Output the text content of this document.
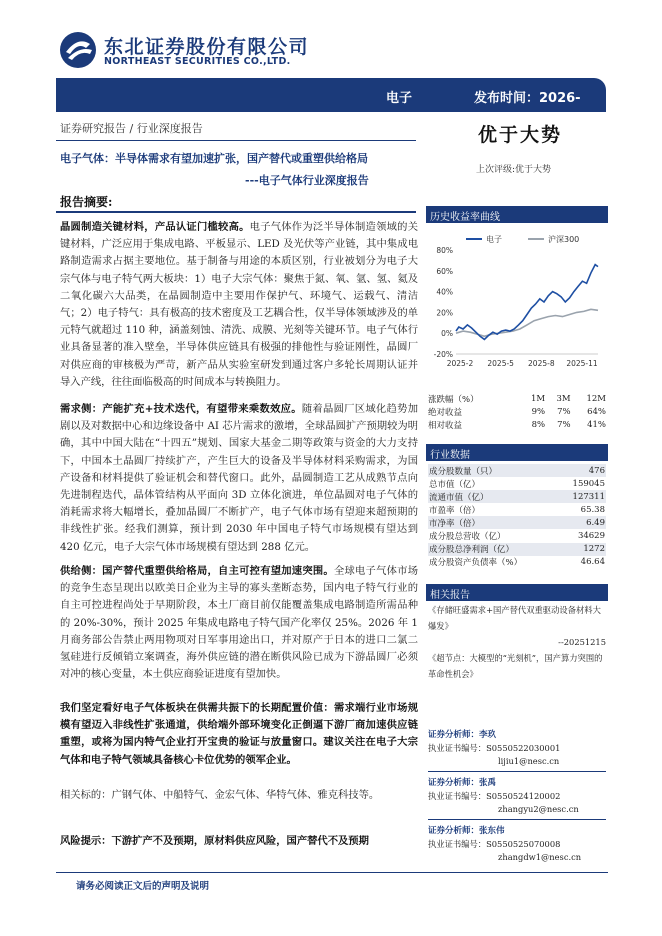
东北证券股份有限公司
NORTHEAST SECURITIES CO.,LTD.
电子	发布时间：2026-
证券研究报告 / 行业深度报告	优于大势
电子气体：半导体需求有望加速扩张，国产替代或重塑供给格局
---电子气体行业深度报告
上次评级:优于大势
报告摘要:
晶圆制造关键材料，产品认证门槛较高。电子气体作为泛半导体制造领域的关键材料，广泛应用于集成电路、平板显示、LED 及光伏等产业链，其中集成电路制造需求占据主要地位。基于制备与用途的本质区别，行业被划分为电子大宗气体与电子特气两大板块：1）电子大宗气体：聚焦于氮、氧、氩、氢、氦及二氧化碳六大品类，在晶圆制造中主要用作保护气、环境气、运载气、清洁气；2）电子特气：具有极高的技术密度及工艺耦合性，仅半导体领域涉及的单元特气就超过 110 种，涵盖刻蚀、清洗、成膜、光刻等关键环节。电子气体行业具备显著的准入壁垒，半导体供应链具有极强的排他性与验证刚性，晶圆厂对供应商的审核极为严苛，新产品从实验室研发到通过客户多轮长周期认证并导入产线，往往面临极高的时间成本与转换阻力。
需求侧：产能扩充+技术迭代，有望带来乘数效应。随着晶圆厂区域化趋势加剧以及对数据中心和边缘设备中 AI 芯片需求的激增，全球晶圆扩产预期较为明确，其中中国大陆在“十四五”规划、国家大基金二期等政策与资金的大力支持下，中国本土晶圆厂持续扩产，产生巨大的设备及半导体材料采购需求，为国产设备和材料提供了验证机会和替代窗口。此外，晶圆制造工艺从成熟节点向先进制程迭代，晶体管结构从平面向 3D 立体化演进，单位晶圆对电子气体的消耗需求将大幅增长，叠加晶圆厂不断扩产，电子气体市场有望迎来超预期的非线性扩张。经我们测算，预计到 2030 年中国电子特气市场规模有望达到 420 亿元，电子大宗气体市场规模有望达到 288 亿元。
供给侧：国产替代重塑供给格局，自主可控有望加速突围。全球电子气体市场的竞争生态呈现出以欧美日企业为主导的寡头垄断态势，国内电子特气行业的自主可控进程尚处于早期阶段，本土厂商目前仅能覆盖集成电路制造所需品种的 20%-30%，预计 2025 年集成电路电子特气国产化率仅 25%。2026 年 1 月商务部公告禁止两用物项对日军事用途出口，并对原产于日本的进口二氯二氢硅进行反倾销立案调查，海外供应链的潜在断供风险已成为下游晶圆厂必须对冲的核心变量，本土供应商验证进度有望加快。
我们坚定看好电子气体板块在供需共振下的长期配置价值：需求端行业市场规模有望迈入非线性扩张通道，供给端外部环境变化正倒逼下游厂商加速供应链重塑，或将为国内特气企业打开宝贵的验证与放量窗口。建议关注在电子大宗气体和电子特气领域具备核心卡位优势的领军企业。
相关标的：广钢气体、中船特气、金宏气体、华特气体、雅克科技等。
风险提示：下游扩产不及预期，原材料供应风险，国产替代不及预期
历史收益率曲线
电子	沪深300
-20%
0%
20%
40%
60%
80%
2025-2 2025-5 2025-8 2025-11
涨跌幅（%）	1M	3M	12M
绝对收益	9%	7%	64%
相对收益	8%	7%	41%
行业数据
成分股数量（只）	476
总市值（亿）	159045
流通市值（亿）	127311
市盈率（倍）	65.38
市净率（倍）	6.49
成分股总营收（亿）	34629
成分股总净利润（亿）	1272
成分股资产负债率（%）	46.64
相关报告
《存储旺盛需求+国产替代双重驱动设备材料大爆发》
--20251215
《超节点：大模型的“光刻机”，国产算力突围的革命性机会》
证券分析师：李玖
执业证书编号：S0550522030001
lijiu1@nesc.cn
证券分析师：张禹
执业证书编号：S0550524120002
zhangyu2@nesc.cn
证券分析师：张东伟
执业证书编号：S0550525070008
zhangdw1@nesc.cn
请务必阅读正文后的声明及说明
